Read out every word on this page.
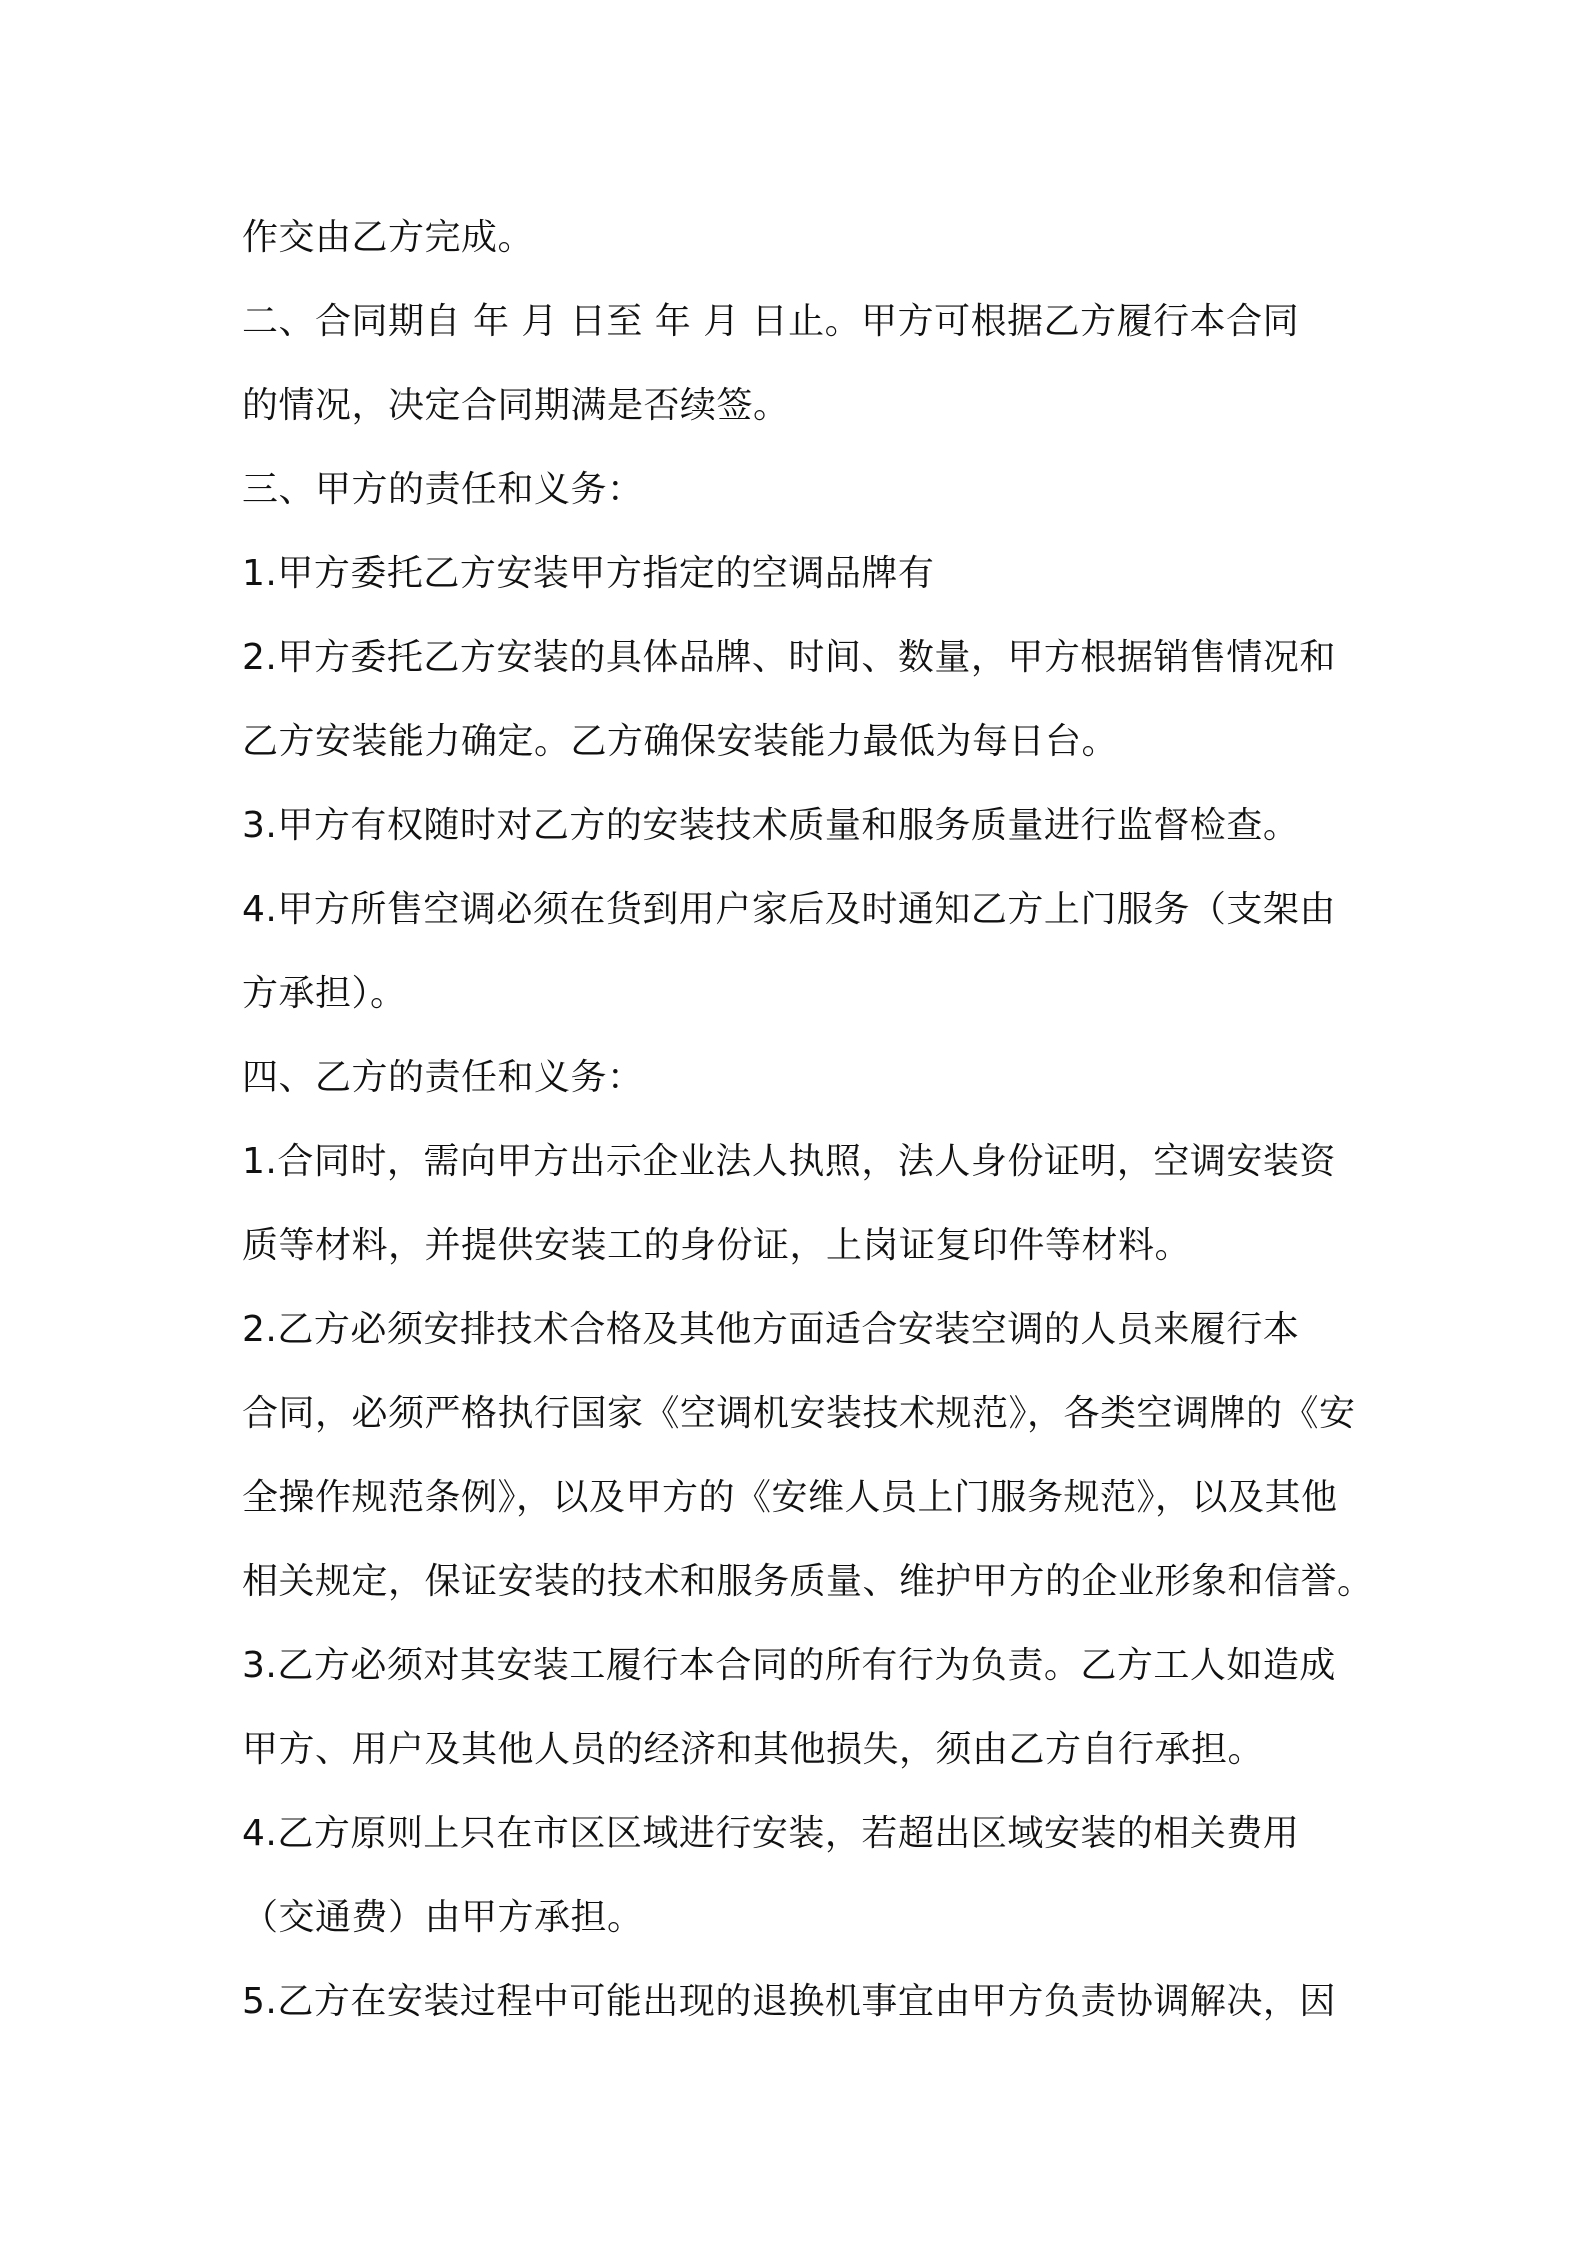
作交由乙方完成。
二、合同期自 年 月 日至 年 月 日止。甲方可根据乙方履行本合同
的情况，决定合同期满是否续签。
三、甲方的责任和义务：
1.甲方委托乙方安装甲方指定的空调品牌有
2.甲方委托乙方安装的具体品牌、时间、数量，甲方根据销售情况和
乙方安装能力确定。乙方确保安装能力最低为每日台。
3.甲方有权随时对乙方的安装技术质量和服务质量进行监督检查。
4.甲方所售空调必须在货到用户家后及时通知乙方上门服务（支架由
方承担）。
四、乙方的责任和义务：
1.合同时，需向甲方出示企业法人执照，法人身份证明，空调安装资
质等材料，并提供安装工的身份证，上岗证复印件等材料。
2.乙方必须安排技术合格及其他方面适合安装空调的人员来履行本
合同，必须严格执行国家《空调机安装技术规范》，各类空调牌的《安
全操作规范条例》，以及甲方的《安维人员上门服务规范》，以及其他
相关规定，保证安装的技术和服务质量、维护甲方的企业形象和信誉。
3.乙方必须对其安装工履行本合同的所有行为负责。乙方工人如造成
甲方、用户及其他人员的经济和其他损失，须由乙方自行承担。
4.乙方原则上只在市区区域进行安装，若超出区域安装的相关费用
（交通费）由甲方承担。
5.乙方在安装过程中可能出现的退换机事宜由甲方负责协调解决，因
